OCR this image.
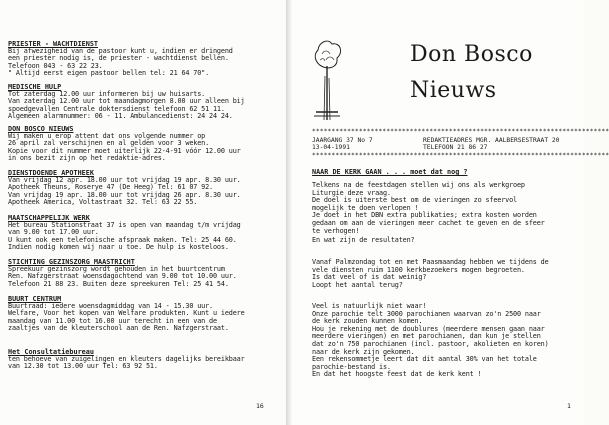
16
PRIESTER - WACHTDIENST
Bij afwezigheid van de pastoor kunt u, indien er dringend
een priester nodig is, de priester - wachtdienst bellen.
Telefoon 043 - 63 22 23.
" Altijd eerst eigen pastoor bellen tel: 21 64 70".
MEDISCHE HULP
Tot zaterdag 12.00 uur informeren bij uw huisarts.
Van zaterdag 12.00 uur tot maandagmorgen 8.00 uur alleen bij
spoedgevallen Centrale doktersdienst telefoon 62 51 11.
Algemeen alarmnummer: 06 - 11. Ambulancedienst: 24 24 24.
DON BOSCO NIEUWS
Wij maken u erop attent dat ons volgende nummer op
26 april zal verschijnen en al gelden voor 3 weken.
Kopie voor dit nummer moet uiterlijk 22-4-91 vóór 12.00 uur
in ons bezit zijn op het redaktie-adres.
DIENSTDOENDE APOTHEEK
Van vrijdag 12 apr. 18.00 uur tot vrijdag 19 apr. 8.30 uur.
Apotheek Theuns, Roserye 47 (De Heeg) Tel: 61 07 92.
Van vrijdag 19 apr. 18.00 uur tot vrijdag 26 apr. 8.30 uur.
Apotheek America, Voltastraat 32. Tel: 63 22 55.
MAATSCHAPPELIJK WERK
Het bureau Stationstraat 37 is open van maandag t/m vrijdag
van 9.00 tot 17.00 uur.
U kunt ook een telefonische afspraak maken. Tel: 25 44 60.
Indien nodig komen wij naar u toe. De hulp is kosteloos.
STICHTING GEZINSZORG MAASTRICHT
Spreekuur gezinszorg wordt gehouden in het buurtcentrum
Ren. Nafzgerstraat woensdagochtend van 9.00 tot 10.00 uur.
Telefoon 21 88 23. Buiten deze spreekuren Tel: 25 41 54.
BUURT CENTRUM
Buurtraad: iedere woensdagmiddag van 14 - 15.30 uur.
Welfare, Voor het kopen van Welfare produkten. Kunt u iedere
maandag van 11.00 tot 16.00 uur terecht in een van de
zaaltjes van de kleuterschool aan de Ren. Nafzgerstraat.
Het Consultatiebureau
ten behoeve van zuigelingen en kleuters dagelijks bereikbaar
van 12.30 tot 13.00 uur Tel: 63 92 51.
Don Bosco
Nieuws
****************************************************************************
JAARGANG 37 No 7
13-04-1991
REDAKTIEADRES MGR. AALBERSESTRAAT 20
TELEFOON 21 86 27
****************************************************************************
NAAR DE KERK GAAN . . . moet dat nog ?
1
Telkens na de feestdagen stellen wij ons als werkgroep
Liturgie deze vraag.
De doel is uiterste best om de vieringen zo sfeervol
mogelijk te doen verlopen !
Je doet in het DBN extra publikaties; extra kosten worden
gedaan om aan de vieringen meer cachet te geven en de sfeer
te verhogen!
En wat zijn de resultaten?
Vanaf Palmzondag tot en met Paasmaandag hebben we tijdens de
vele diensten ruim 1100 kerkbezoekers mogen begroeten.
Is dat veel of is dat weinig?
Loopt het aantal terug?
Veel is natuurlijk niet waar!
Onze parochie telt 3000 parochianen waarvan zo'n 2500 naar
de kerk zouden kunnen komen.
Hou je rekening met de doublures (meerdere mensen gaan naar
meerdere vieringen) en met parochianen, dan kun je stellen
dat zo'n 750 parochianen (incl. pastoor, akolieten en koren)
naar de kerk zijn gekomen.
Een rekensommetje leert dat dit aantal 30% van het totale
parochie-bestand is.
En dat het hoogste feest dat de kerk kent !
